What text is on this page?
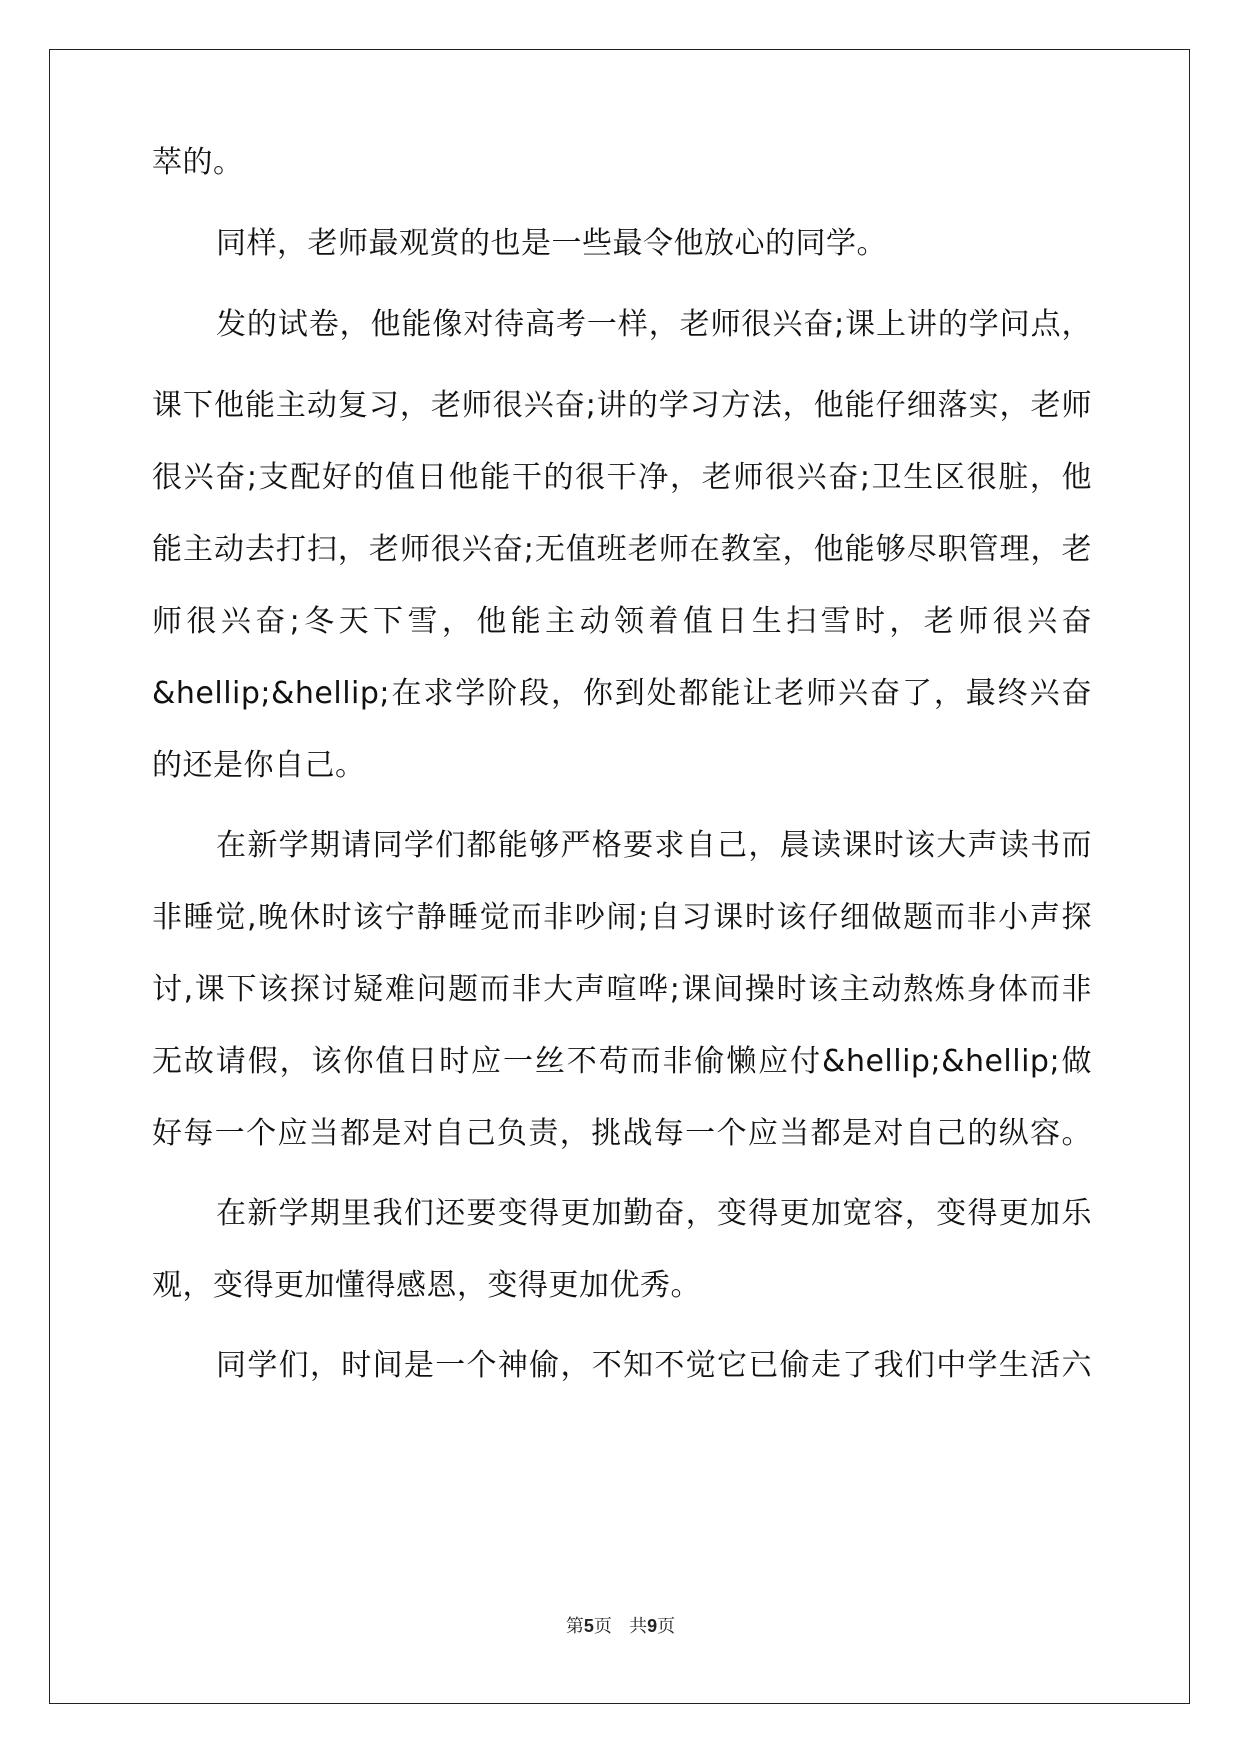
萃的。
同样，老师最观赏的也是一些最令他放心的同学。
发的试卷，他能像对待高考一样，老师很兴奋;课上讲的学问点，
课下他能主动复习，老师很兴奋;讲的学习方法，他能仔细落实，老师
很兴奋;支配好的值日他能干的很干净，老师很兴奋;卫生区很脏，他
能主动去打扫，老师很兴奋;无值班老师在教室，他能够尽职管理，老
师很兴奋;冬天下雪，他能主动领着值日生扫雪时，老师很兴奋
&hellip;&hellip;在求学阶段，你到处都能让老师兴奋了，最终兴奋
的还是你自己。
在新学期请同学们都能够严格要求自己，晨读课时该大声读书而
非睡觉,晚休时该宁静睡觉而非吵闹;自习课时该仔细做题而非小声探
讨,课下该探讨疑难问题而非大声喧哗;课间操时该主动熬炼身体而非
无故请假，该你值日时应一丝不苟而非偷懒应付&hellip;&hellip;做
好每一个应当都是对自己负责，挑战每一个应当都是对自己的纵容。
在新学期里我们还要变得更加勤奋，变得更加宽容，变得更加乐
观，变得更加懂得感恩，变得更加优秀。
同学们，时间是一个神偷，不知不觉它已偷走了我们中学生活六
第5页   共9页
